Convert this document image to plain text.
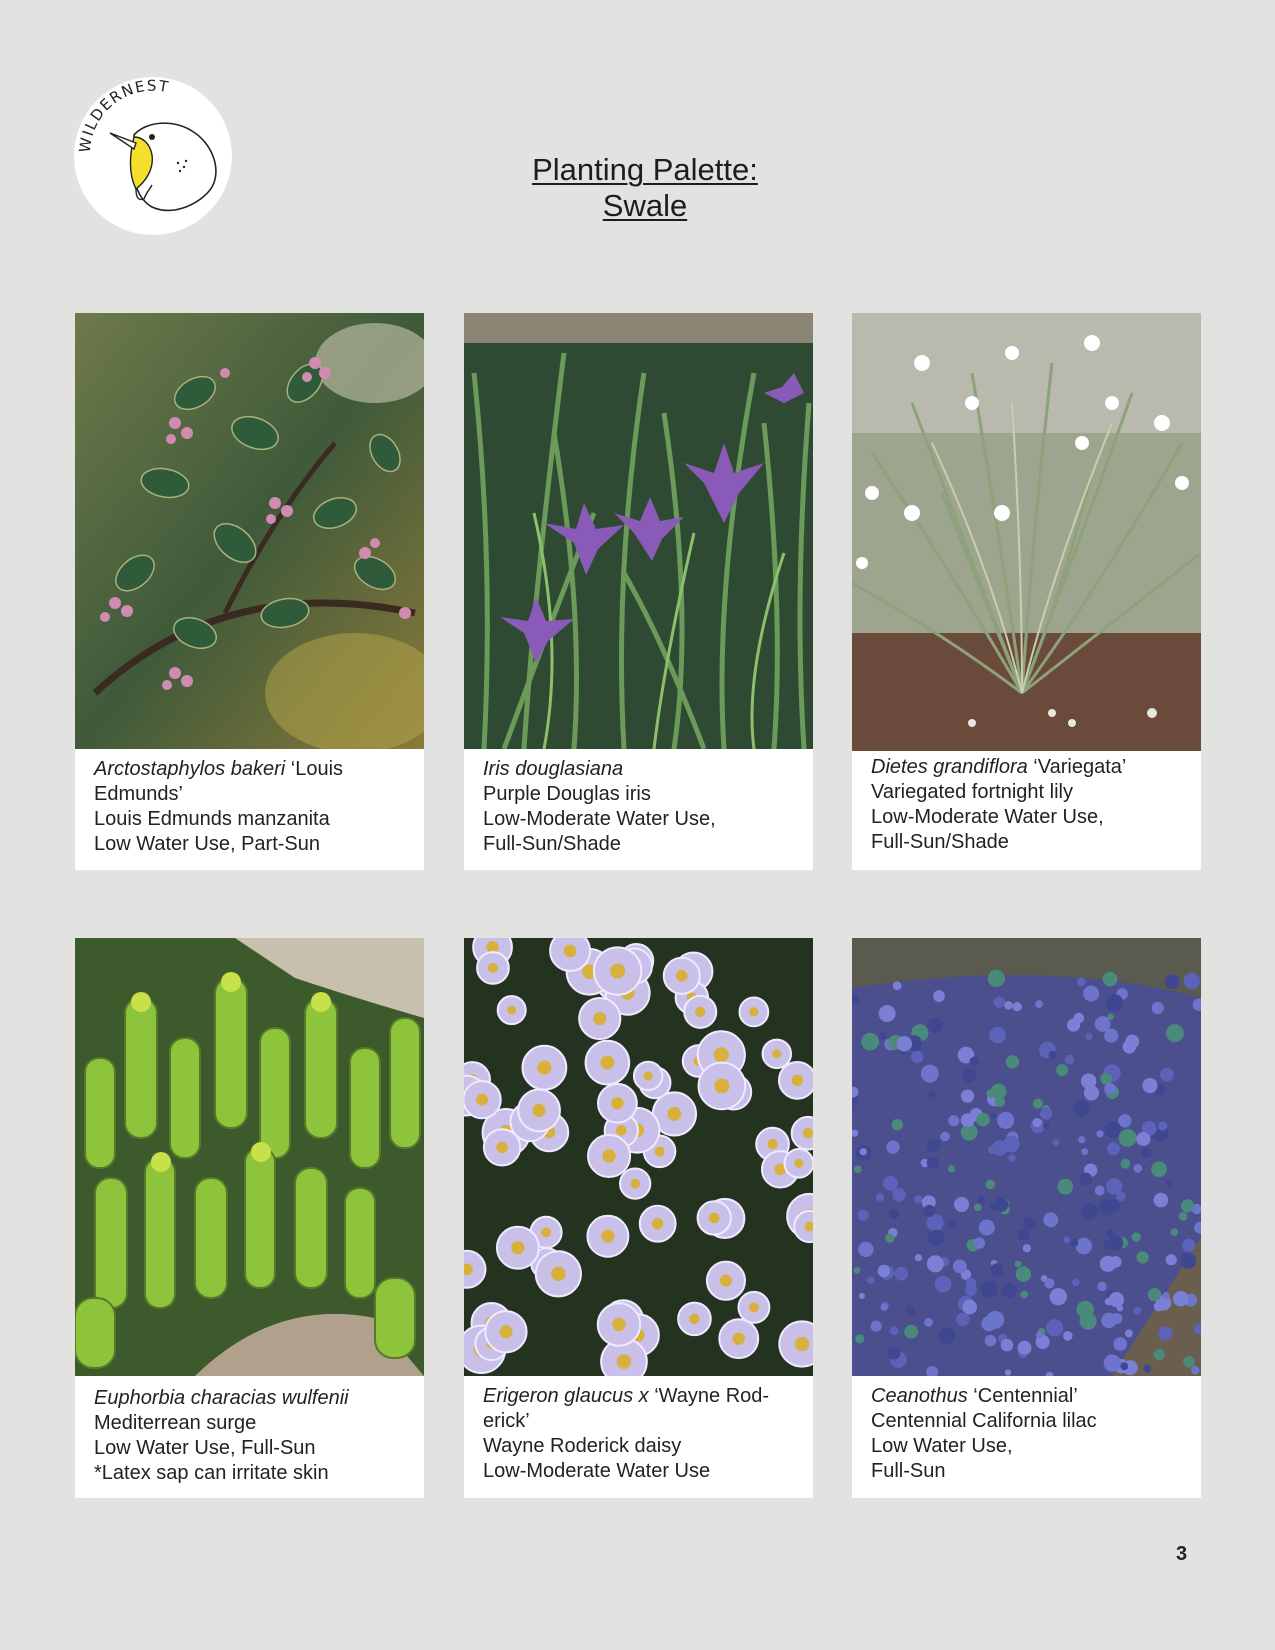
WILDERNEST
Planting Palette:
Swale
Arctostaphylos bakeri ‘Louis
Edmunds’
Louis Edmunds manzanita
Low Water Use, Part-Sun
Iris douglasiana
Purple Douglas iris
Low-Moderate Water Use,
Full-Sun/Shade
Dietes grandiflora ‘Variegata’
Variegated fortnight lily
Low-Moderate Water Use,
Full-Sun/Shade
Euphorbia characias wulfenii
Mediterrean surge
Low Water Use, Full-Sun
*Latex sap can irritate skin
Erigeron glaucus x ‘Wayne Rod-
erick’
Wayne Roderick daisy
Low-Moderate Water Use
Ceanothus ‘Centennial’
Centennial California lilac
Low Water Use,
Full-Sun
3
